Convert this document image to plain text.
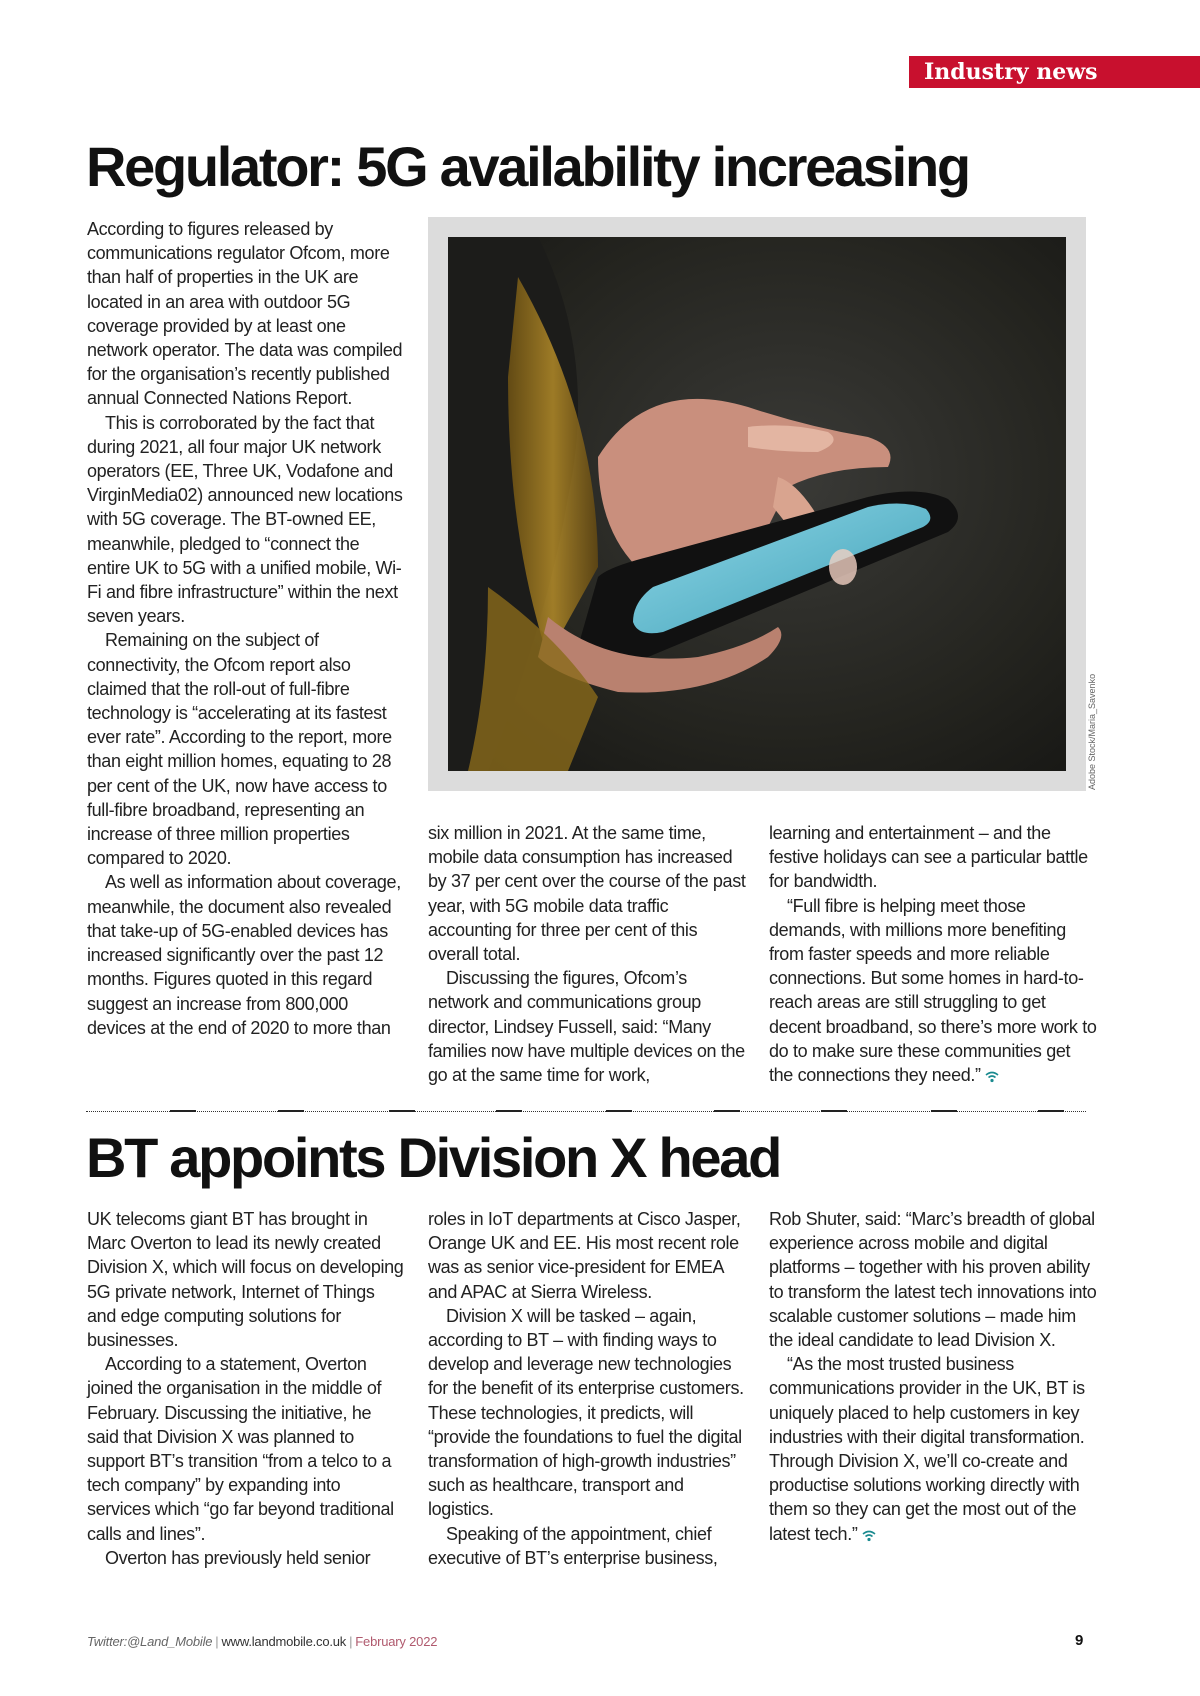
Industry news
Regulator: 5G availability increasing

According to figures released by communications regulator Ofcom, more than half of properties in the UK are located in an area with outdoor 5G coverage provided by at least one network operator. The data was compiled for the organisation’s recently published annual Connected Nations Report.

This is corroborated by the fact that during 2021, all four major UK network operators (EE, Three UK, Vodafone and VirginMedia02) announced new locations with 5G coverage. The BT-owned EE, meanwhile, pledged to “connect the entire UK to 5G with a unified mobile, Wi-Fi and fibre infrastructure” within the next seven years.

Remaining on the subject of connectivity, the Ofcom report also claimed that the roll-out of full-fibre technology is “accelerating at its fastest ever rate”. According to the report, more than eight million homes, equating to 28 per cent of the UK, now have access to full-fibre broadband, representing an increase of three million properties compared to 2020.

As well as information about coverage, meanwhile, the document also revealed that take-up of 5G-enabled devices has increased significantly over the past 12 months. Figures quoted in this regard suggest an increase from 800,000 devices at the end of 2020 to more than

Adobe Stock/Maria_Savenko

six million in 2021. At the same time, mobile data consumption has increased by 37 per cent over the course of the past year, with 5G mobile data traffic accounting for three per cent of this overall total.

Discussing the figures, Ofcom’s network and communications group director, Lindsey Fussell, said: “Many families now have multiple devices on the go at the same time for work,

learning and entertainment – and the festive holidays can see a particular battle for bandwidth.

“Full fibre is helping meet those demands, with millions more benefiting from faster speeds and more reliable connections. But some homes in hard-to-reach areas are still struggling to get decent broadband, so there’s more work to do to make sure these communities get the connections they need.”

BT appoints Division X head

UK telecoms giant BT has brought in Marc Overton to lead its newly created Division X, which will focus on developing 5G private network, Internet of Things and edge computing solutions for businesses.

According to a statement, Overton joined the organisation in the middle of February. Discussing the initiative, he said that Division X was planned to support BT’s transition “from a telco to a tech company” by expanding into services which “go far beyond traditional calls and lines”.

Overton has previously held senior

roles in IoT departments at Cisco Jasper, Orange UK and EE. His most recent role was as senior vice-president for EMEA and APAC at Sierra Wireless.

Division X will be tasked – again, according to BT – with finding ways to develop and leverage new technologies for the benefit of its enterprise customers. These technologies, it predicts, will “provide the foundations to fuel the digital transformation of high-growth industries” such as healthcare, transport and logistics.

Speaking of the appointment, chief executive of BT’s enterprise business,

Rob Shuter, said: “Marc’s breadth of global experience across mobile and digital platforms – together with his proven ability to transform the latest tech innovations into scalable customer solutions – made him the ideal candidate to lead Division X.

“As the most trusted business communications provider in the UK, BT is uniquely placed to help customers in key industries with their digital transformation. Through Division X, we’ll co-create and productise solutions working directly with them so they can get the most out of the latest tech.”

Twitter:@Land_Mobile | www.landmobile.co.uk | February 2022	9
